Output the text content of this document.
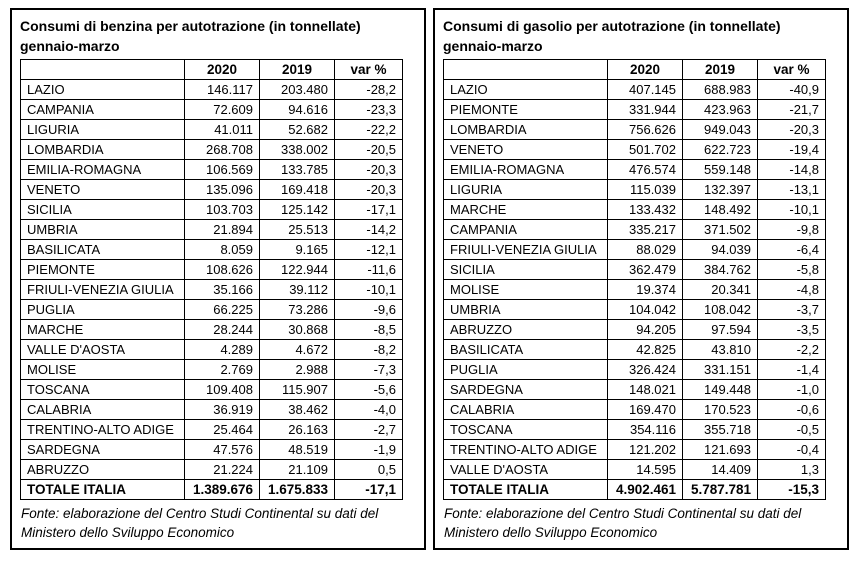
Consumi di benzina per autotrazione (in tonnellate)
gennaio-marzo
	2020	2019	var %
LAZIO	146.117	203.480	-28,2
CAMPANIA	72.609	94.616	-23,3
LIGURIA	41.011	52.682	-22,2
LOMBARDIA	268.708	338.002	-20,5
EMILIA-ROMAGNA	106.569	133.785	-20,3
VENETO	135.096	169.418	-20,3
SICILIA	103.703	125.142	-17,1
UMBRIA	21.894	25.513	-14,2
BASILICATA	8.059	9.165	-12,1
PIEMONTE	108.626	122.944	-11,6
FRIULI-VENEZIA GIULIA	35.166	39.112	-10,1
PUGLIA	66.225	73.286	-9,6
MARCHE	28.244	30.868	-8,5
VALLE D'AOSTA	4.289	4.672	-8,2
MOLISE	2.769	2.988	-7,3
TOSCANA	109.408	115.907	-5,6
CALABRIA	36.919	38.462	-4,0
TRENTINO-ALTO ADIGE	25.464	26.163	-2,7
SARDEGNA	47.576	48.519	-1,9
ABRUZZO	21.224	21.109	0,5
TOTALE ITALIA	1.389.676	1.675.833	-17,1
Fonte: elaborazione del Centro Studi Continental su dati del Ministero dello Sviluppo Economico
Consumi di gasolio per autotrazione (in tonnellate)
gennaio-marzo
	2020	2019	var %
LAZIO	407.145	688.983	-40,9
PIEMONTE	331.944	423.963	-21,7
LOMBARDIA	756.626	949.043	-20,3
VENETO	501.702	622.723	-19,4
EMILIA-ROMAGNA	476.574	559.148	-14,8
LIGURIA	115.039	132.397	-13,1
MARCHE	133.432	148.492	-10,1
CAMPANIA	335.217	371.502	-9,8
FRIULI-VENEZIA GIULIA	88.029	94.039	-6,4
SICILIA	362.479	384.762	-5,8
MOLISE	19.374	20.341	-4,8
UMBRIA	104.042	108.042	-3,7
ABRUZZO	94.205	97.594	-3,5
BASILICATA	42.825	43.810	-2,2
PUGLIA	326.424	331.151	-1,4
SARDEGNA	148.021	149.448	-1,0
CALABRIA	169.470	170.523	-0,6
TOSCANA	354.116	355.718	-0,5
TRENTINO-ALTO ADIGE	121.202	121.693	-0,4
VALLE D'AOSTA	14.595	14.409	1,3
TOTALE ITALIA	4.902.461	5.787.781	-15,3
Fonte: elaborazione del Centro Studi Continental su dati del Ministero dello Sviluppo Economico
